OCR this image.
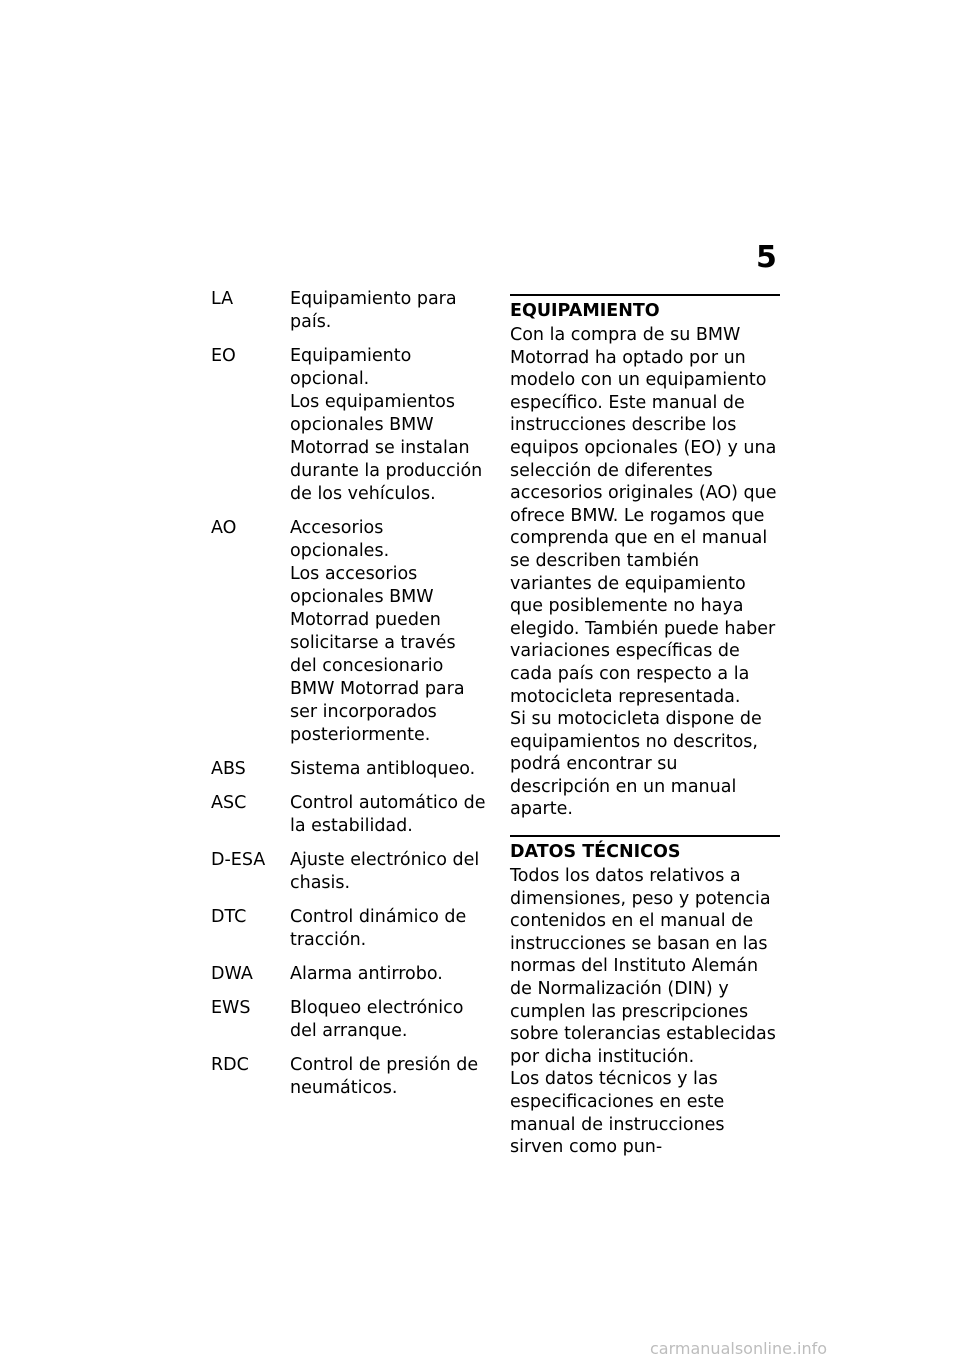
5
LA	Equipamiento para país.

EO	Equipamiento opcional.

Los equipamientos opcionales BMW Motorrad se instalan durante la producción de los vehículos.

AO	Accesorios opcionales.

Los accesorios opcionales BMW Motorrad pueden solicitarse a través del concesionario BMW Motorrad para ser incorporados posteriormente.

ABS	Sistema antibloqueo.

ASC	Control automático de la estabilidad.

D-ESA	Ajuste electrónico del chasis.

DTC	Control dinámico de tracción.

DWA	Alarma antirrobo.

EWS	Bloqueo electrónico del arranque.

RDC	Control de presión de neumáticos.

EQUIPAMIENTO

Con la compra de su BMW Motorrad ha optado por un modelo con un equipamiento específico. Este manual de instrucciones describe los equipos opcionales (EO) y una selección de diferentes accesorios originales (AO) que ofrece BMW. Le rogamos que comprenda que en el manual se describen también variantes de equipamiento que posiblemente no haya elegido. También puede haber variaciones específicas de cada país con respecto a la motocicleta representada.

Si su motocicleta dispone de equipamientos no descritos, podrá encontrar su descripción en un manual aparte.

DATOS TÉCNICOS

Todos los datos relativos a dimensiones, peso y potencia contenidos en el manual de instrucciones se basan en las normas del Instituto Alemán de Normalización (DIN) y cumplen las prescripciones sobre tolerancias establecidas por dicha institución.

Los datos técnicos y las especificaciones en este manual de instrucciones sirven como pun-

carmanualsonline.info
